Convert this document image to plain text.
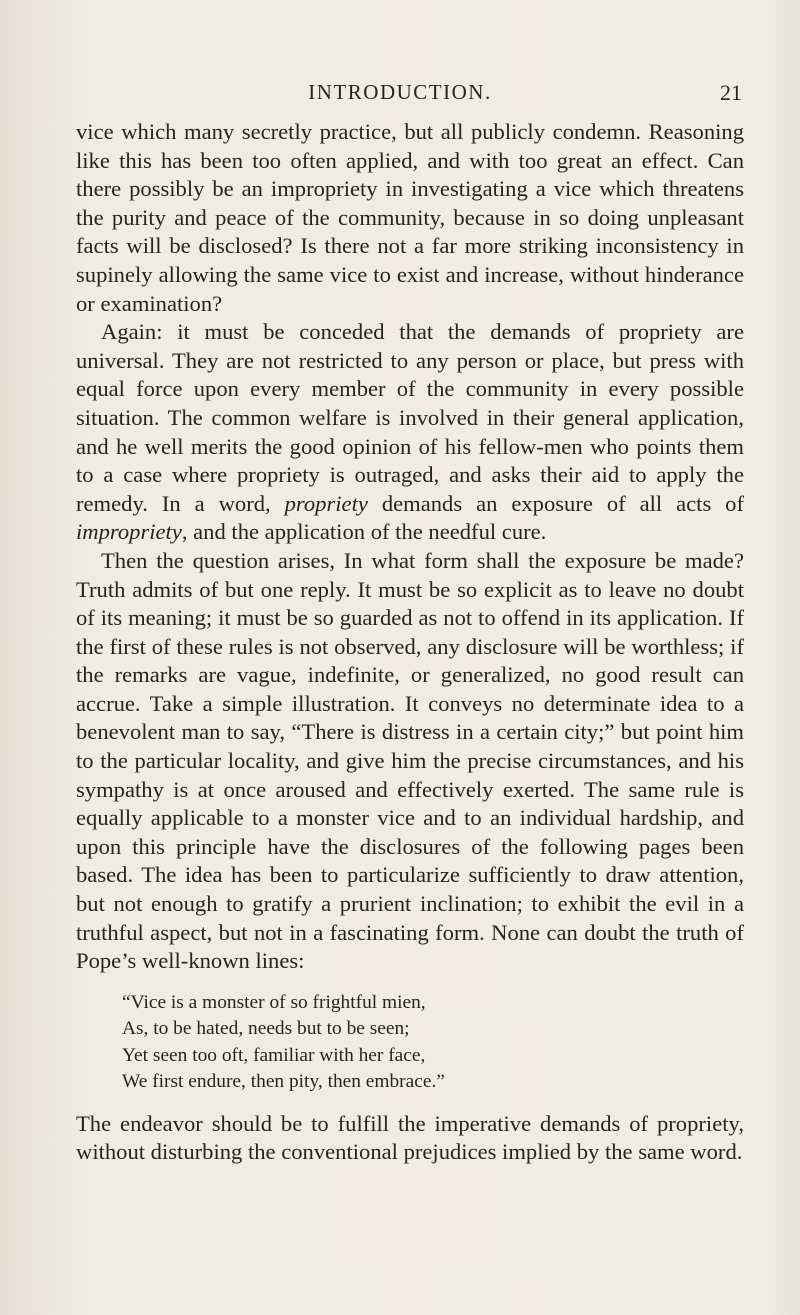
INTRODUCTION.	21

vice which many secretly practice, but all publicly condemn. Reasoning like this has been too often applied, and with too great an effect. Can there possibly be an impropriety in investigating a vice which threatens the purity and peace of the community, because in so doing unpleasant facts will be disclosed? Is there not a far more striking inconsistency in supinely allowing the same vice to exist and increase, without hinderance or examination?

Again: it must be conceded that the demands of propriety are universal. They are not restricted to any person or place, but press with equal force upon every member of the community in every possible situation. The common welfare is involved in their general application, and he well merits the good opinion of his fellow-men who points them to a case where propriety is outraged, and asks their aid to apply the remedy. In a word, propriety demands an exposure of all acts of impropriety, and the application of the needful cure.

Then the question arises, In what form shall the exposure be made? Truth admits of but one reply. It must be so explicit as to leave no doubt of its meaning; it must be so guarded as not to offend in its application. If the first of these rules is not observed, any disclosure will be worthless; if the remarks are vague, indefinite, or generalized, no good result can accrue. Take a simple illustration. It conveys no determinate idea to a benevolent man to say, “There is distress in a certain city;” but point him to the particular locality, and give him the precise circumstances, and his sympathy is at once aroused and effectively exerted. The same rule is equally applicable to a monster vice and to an individual hardship, and upon this principle have the disclosures of the following pages been based. The idea has been to particularize sufficiently to draw attention, but not enough to gratify a prurient inclination; to exhibit the evil in a truthful aspect, but not in a fascinating form. None can doubt the truth of Pope’s well-known lines:

“Vice is a monster of so frightful mien,
As, to be hated, needs but to be seen;
Yet seen too oft, familiar with her face,
We first endure, then pity, then embrace.”

The endeavor should be to fulfill the imperative demands of propriety, without disturbing the conventional prejudices implied by the same word.
